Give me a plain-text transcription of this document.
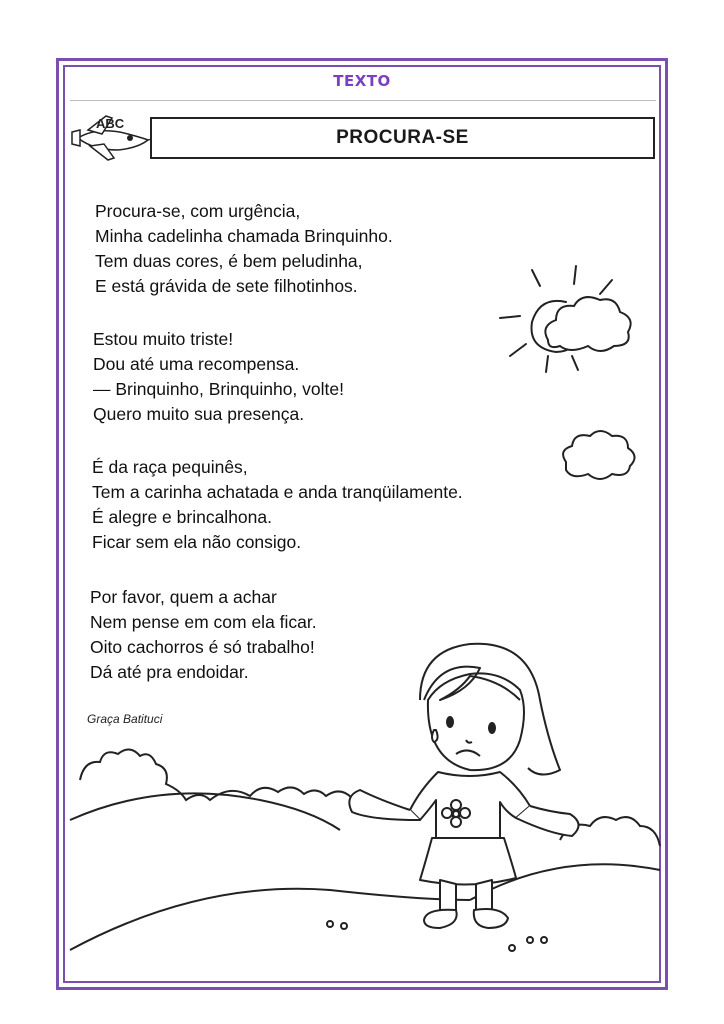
TEXTO
ABC
PROCURA-SE
Procura-se, com urgência,
Minha cadelinha chamada Brinquinho.
Tem duas cores, é bem peludinha,
E está grávida de sete filhotinhos.
Estou muito triste!
Dou até uma recompensa.
— Brinquinho, Brinquinho, volte!
Quero muito sua presença.
É da raça pequinês,
Tem a carinha achatada e anda tranqüilamente.
É alegre e brincalhona.
Ficar sem ela não consigo.
Por favor, quem a achar
Nem pense em com ela ficar.
Oito cachorros é só trabalho!
Dá até pra endoidar.
Graça Batituci
